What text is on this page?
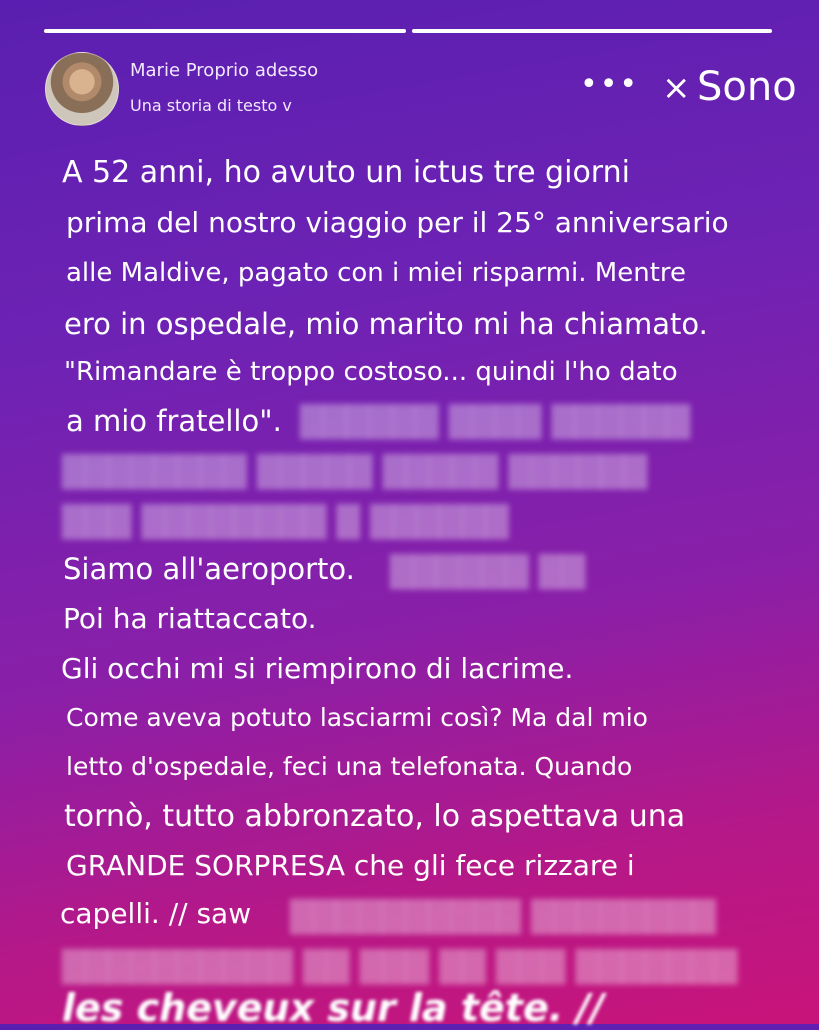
Marie Proprio adesso
Una storia di testo v
••• × Sono
██████ ████ ██████
████████ █████ █████ ██████
███ ████████ █ ██████
██████ ██
██████████ ████████
██████████ ██ ███ ██ ███ ███████
A 52 anni, ho avuto un ictus tre giorni
prima del nostro viaggio per il 25° anniversario
alle Maldive, pagato con i miei risparmi. Mentre
ero in ospedale, mio marito mi ha chiamato.
"Rimandare è troppo costoso... quindi l'ho dato
a mio fratello".
Siamo all'aeroporto.
Poi ha riattaccato.
Gli occhi mi si riempirono di lacrime.
Come aveva potuto lasciarmi così? Ma dal mio
letto d'ospedale, feci una telefonata. Quando
tornò, tutto abbronzato, lo aspettava una
GRANDE SORPRESA che gli fece rizzare i
capelli. // saw
les cheveux sur la tête. //
